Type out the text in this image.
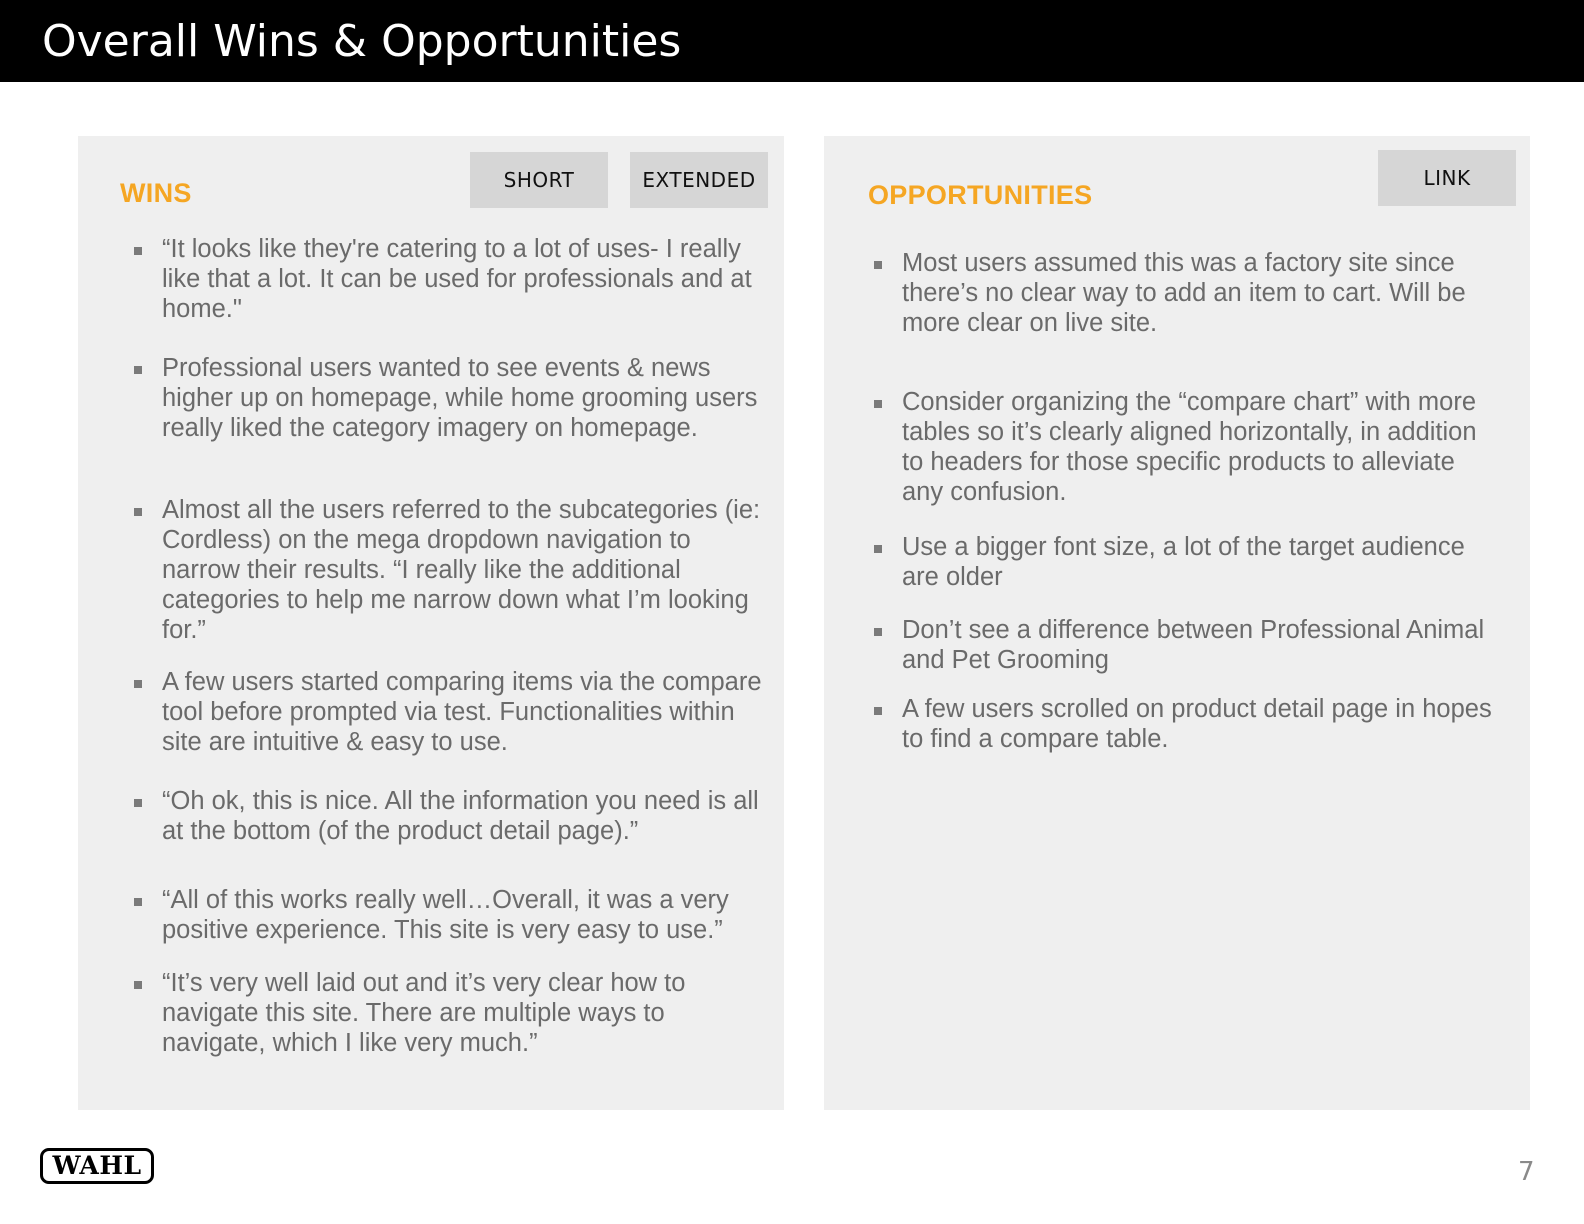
Overall Wins & Opportunities
WINS	SHORT	EXTENDED
“It looks like they're catering to a lot of uses- I really like that a lot. It can be used for professionals and at home."
Professional users wanted to see events & news higher up on homepage, while home grooming users really liked the category imagery on homepage.
Almost all the users referred to the subcategories (ie: Cordless) on the mega dropdown navigation to narrow their results. “I really like the additional categories to help me narrow down what I’m looking for.”
A few users started comparing items via the compare tool before prompted via test. Functionalities within site are intuitive & easy to use.
“Oh ok, this is nice. All the information you need is all at the bottom (of the product detail page).”
“All of this works really well…Overall, it was a very positive experience. This site is very easy to use.”
“It’s very well laid out and it’s very clear how to navigate this site. There are multiple ways to navigate, which I like very much.”
OPPORTUNITIES
LINK
Most users assumed this was a factory site since there’s no clear way to add an item to cart. Will be more clear on live site.
Consider organizing the “compare chart” with more tables so it’s clearly aligned horizontally, in addition to headers for those specific products to alleviate any confusion.
Use a bigger font size, a lot of the target audience are older
Don’t see a difference between Professional Animal and Pet Grooming
A few users scrolled on product detail page in hopes to find a compare table.
WAHL	7
